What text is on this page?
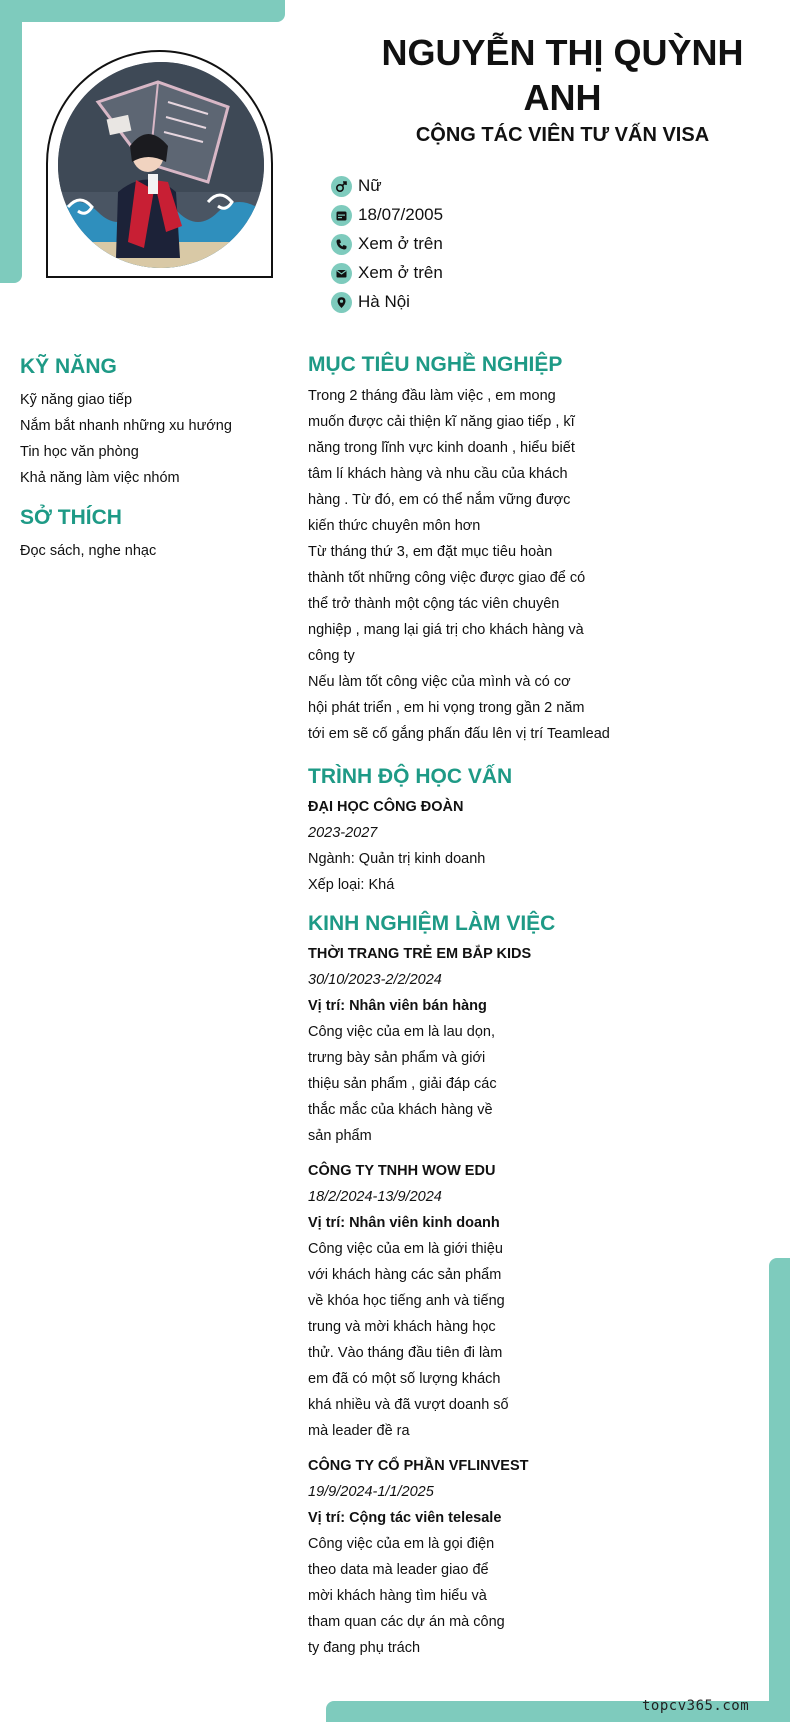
NGUYỄN THỊ QUỲNH
ANH
CỘNG TÁC VIÊN TƯ VẤN VISA
Nữ
18/07/2005
Xem ở trên
Xem ở trên
Hà Nội
KỸ NĂNG
Kỹ năng giao tiếp
Nắm bắt nhanh những xu hướng
Tin học văn phòng
Khả năng làm việc nhóm
SỞ THÍCH
Đọc sách, nghe nhạc
MỤC TIÊU NGHỀ NGHIỆP
Trong 2 tháng đầu làm việc , em mong
muốn được cải thiện kĩ năng giao tiếp , kĩ
năng trong lĩnh vực kinh doanh , hiểu biết
tâm lí khách hàng và nhu cầu của khách
hàng . Từ đó, em có thể nắm vững được
kiến thức chuyên môn hơn
Từ tháng thứ 3, em đặt mục tiêu hoàn
thành tốt những công việc được giao để có
thể trở thành một cộng tác viên chuyên
nghiệp , mang lại giá trị cho khách hàng và
công ty
Nếu làm tốt công việc của mình và có cơ
hội phát triển , em hi vọng trong gần 2 năm
tới em sẽ cố gắng phấn đấu lên vị trí Teamlead
TRÌNH ĐỘ HỌC VẤN
ĐẠI HỌC CÔNG ĐOÀN
2023-2027
Ngành: Quản trị kinh doanh
Xếp loại: Khá
KINH NGHIỆM LÀM VIỆC
THỜI TRANG TRẺ EM BẮP KIDS
30/10/2023-2/2/2024
Vị trí: Nhân viên bán hàng
Công việc của em là lau dọn,
trưng bày sản phẩm và giới
thiệu sản phẩm , giải đáp các
thắc mắc của khách hàng về
sản phẩm
CÔNG TY TNHH WOW EDU
18/2/2024-13/9/2024
Vị trí: Nhân viên kinh doanh
Công việc của em là giới thiệu
với khách hàng các sản phẩm
về khóa học tiếng anh và tiếng
trung và mời khách hàng học
thử. Vào tháng đầu tiên đi làm
em đã có một số lượng khách
khá nhiều và đã vượt doanh số
mà leader đề ra
CÔNG TY CỔ PHẦN VFLINVEST
19/9/2024-1/1/2025
Vị trí: Cộng tác viên telesale
Công việc của em là gọi điện
theo data mà leader giao để
mời khách hàng tìm hiểu và
tham quan các dự án mà công
ty đang phụ trách
topcv365.com
